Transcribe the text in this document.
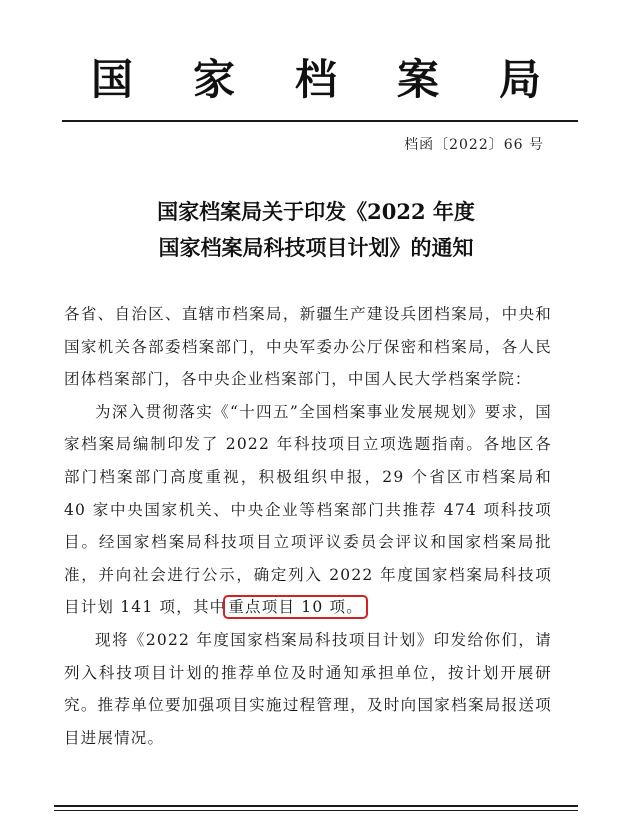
国家档案局
档函〔2022〕66 号
国家档案局关于印发《2022 年度
国家档案局科技项目计划》的通知

各省、自治区、直辖市档案局，新疆生产建设兵团档案局，中央和国家机关各部委档案部门，中央军委办公厅保密和档案局，各人民团体档案部门，各中央企业档案部门，中国人民大学档案学院：

为深入贯彻落实《“十四五”全国档案事业发展规划》要求，国家档案局编制印发了 2022 年科技项目立项选题指南。各地区各部门档案部门高度重视，积极组织申报，29 个省区市档案局和 40 家中央国家机关、中央企业等档案部门共推荐 474 项科技项目。经国家档案局科技项目立项评议委员会评议和国家档案局批准，并向社会进行公示，确定列入 2022 年度国家档案局科技项目计划 141 项，其中 重点项目 10 项。

现将《2022 年度国家档案局科技项目计划》印发给你们，请列入科技项目计划的推荐单位及时通知承担单位，按计划开展研究。推荐单位要加强项目实施过程管理，及时向国家档案局报送项目进展情况。
